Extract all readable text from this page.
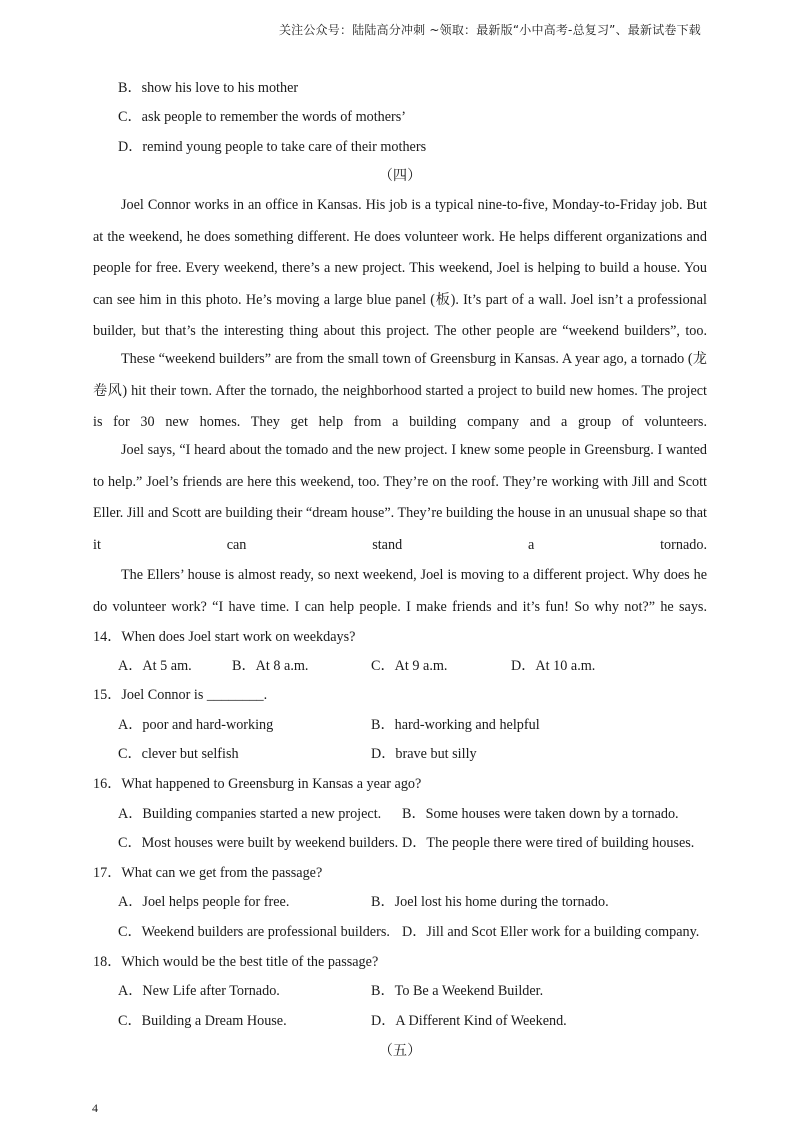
关注公众号：陆陆高分冲刺 ~领取：最新版“小中高考-总复习”、最新试卷下载
B．show his love to his mother
C．ask people to remember the words of mothers’
D．remind young people to take care of their mothers
（四）
Joel Connor works in an office in Kansas. His job is a typical nine-to-five, Monday-to-Friday job. But at the weekend, he does something different. He does volunteer work. He helps different organizations and people for free. Every weekend, there’s a new project. This weekend, Joel is helping to build a house. You can see him in this photo. He’s moving a large blue panel (板). It’s part of a wall. Joel isn’t a professional builder, but that’s the interesting thing about this project. The other people are “weekend builders”, too.
These “weekend builders” are from the small town of Greensburg in Kansas. A year ago, a tornado (龙卷风) hit their town. After the tornado, the neighborhood started a project to build new homes. The project is for 30 new homes. They get help from a building company and a group of volunteers.
Joel says, “I heard about the tomado and the new project. I knew some people in Greensburg. I wanted to help.” Joel’s friends are here this weekend, too. They’re on the roof. They’re working with Jill and Scott Eller. Jill and Scott are building their “dream house”. They’re building the house in an unusual shape so that it can stand a tornado.
The Ellers’ house is almost ready, so next weekend, Joel is moving to a different project. Why does he do volunteer work? “I have time. I can help people. I make friends and it’s fun! So why not?” he says.
14．When does Joel start work on weekdays?
A．At 5 am.	B．At 8 a.m.	C．At 9 a.m.	D．At 10 a.m.
15．Joel Connor is ________.
A．poor and hard-working	B．hard-working and helpful
C．clever but selfish	D．brave but silly
16．What happened to Greensburg in Kansas a year ago?
A．Building companies started a new project. B．Some houses were taken down by a tornado.
C．Most houses were built by weekend builders. D．The people there were tired of building houses.
17．What can we get from the passage?
A．Joel helps people for free.	B．Joel lost his home during the tornado.
C．Weekend builders are professional builders. D．Jill and Scot Eller work for a building company.
18．Which would be the best title of the passage?
A．New Life after Tornado.	B．To Be a Weekend Builder.
C．Building a Dream House.	D．A Different Kind of Weekend.
（五）
4
